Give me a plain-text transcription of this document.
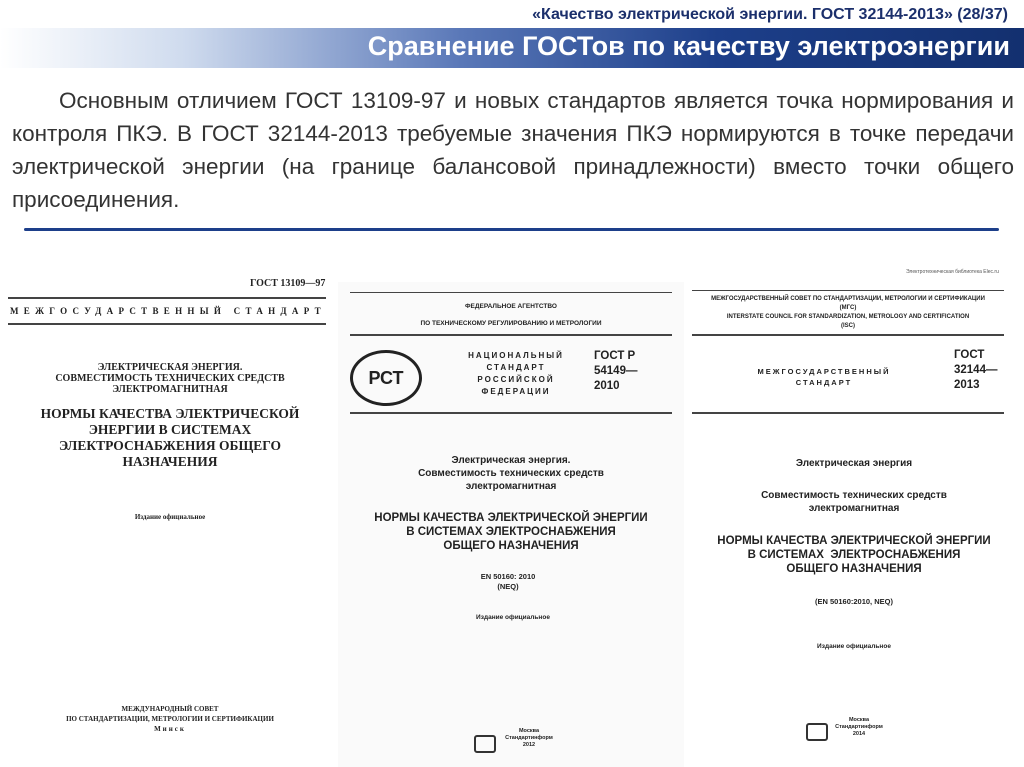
«Качество электрической энергии. ГОСТ 32144-2013» (28/37)
Сравнение ГОСТов по качеству электроэнергии
Основным отличием ГОСТ 13109-97 и новых стандартов является точка нормирования и контроля ПКЭ. В ГОСТ 32144-2013 требуемые значения ПКЭ нормируются в точке передачи электрической энергии (на границе балансовой принадлежности) вместо точки общего присоединения.
ГОСТ 13109—97
МЕЖГОСУДАРСТВЕННЫЙ СТАНДАРТ
ЭЛЕКТРИЧЕСКАЯ ЭНЕРГИЯ.
СОВМЕСТИМОСТЬ ТЕХНИЧЕСКИХ СРЕДСТВ
ЭЛЕКТРОМАГНИТНАЯ
НОРМЫ КАЧЕСТВА ЭЛЕКТРИЧЕСКОЙ
ЭНЕРГИИ В СИСТЕМАХ
ЭЛЕКТРОСНАБЖЕНИЯ ОБЩЕГО
НАЗНАЧЕНИЯ
Издание официальное
МЕЖДУНАРОДНЫЙ СОВЕТ
ПО СТАНДАРТИЗАЦИИ, МЕТРОЛОГИИ И СЕРТИФИКАЦИИ
Минск
ФЕДЕРАЛЬНОЕ АГЕНТСТВО
ПО ТЕХНИЧЕСКОМУ РЕГУЛИРОВАНИЮ И МЕТРОЛОГИИ
РСТ
НАЦИОНАЛЬНЫЙ
СТАНДАРТ
РОССИЙСКОЙ
ФЕДЕРАЦИИ
ГОСТ Р
54149—
2010
Электрическая энергия.
Совместимость технических средств
электромагнитная
НОРМЫ КАЧЕСТВА ЭЛЕКТРИЧЕСКОЙ ЭНЕРГИИ
В СИСТЕМАХ ЭЛЕКТРОСНАБЖЕНИЯ
ОБЩЕГО НАЗНАЧЕНИЯ
EN 50160: 2010
(NEQ)
Издание официальное
Москва
Стандартинформ
2012
Электротехническая библиотека Elec.ru
МЕЖГОСУДАРСТВЕННЫЙ СОВЕТ ПО СТАНДАРТИЗАЦИИ, МЕТРОЛОГИИ И СЕРТИФИКАЦИИ
(МГС)
INTERSTATE COUNCIL FOR STANDARDIZATION, METROLOGY AND CERTIFICATION
(ISC)
МЕЖГОСУДАРСТВЕННЫЙ
СТАНДАРТ
ГОСТ
32144—
2013
Электрическая энергия
Совместимость технических средств
электромагнитная
НОРМЫ КАЧЕСТВА ЭЛЕКТРИЧЕСКОЙ ЭНЕРГИИ
В СИСТЕМАХ  ЭЛЕКТРОСНАБЖЕНИЯ
ОБЩЕГО НАЗНАЧЕНИЯ
(EN 50160:2010, NEQ)
Издание официальное
Москва
Стандартинформ
2014
